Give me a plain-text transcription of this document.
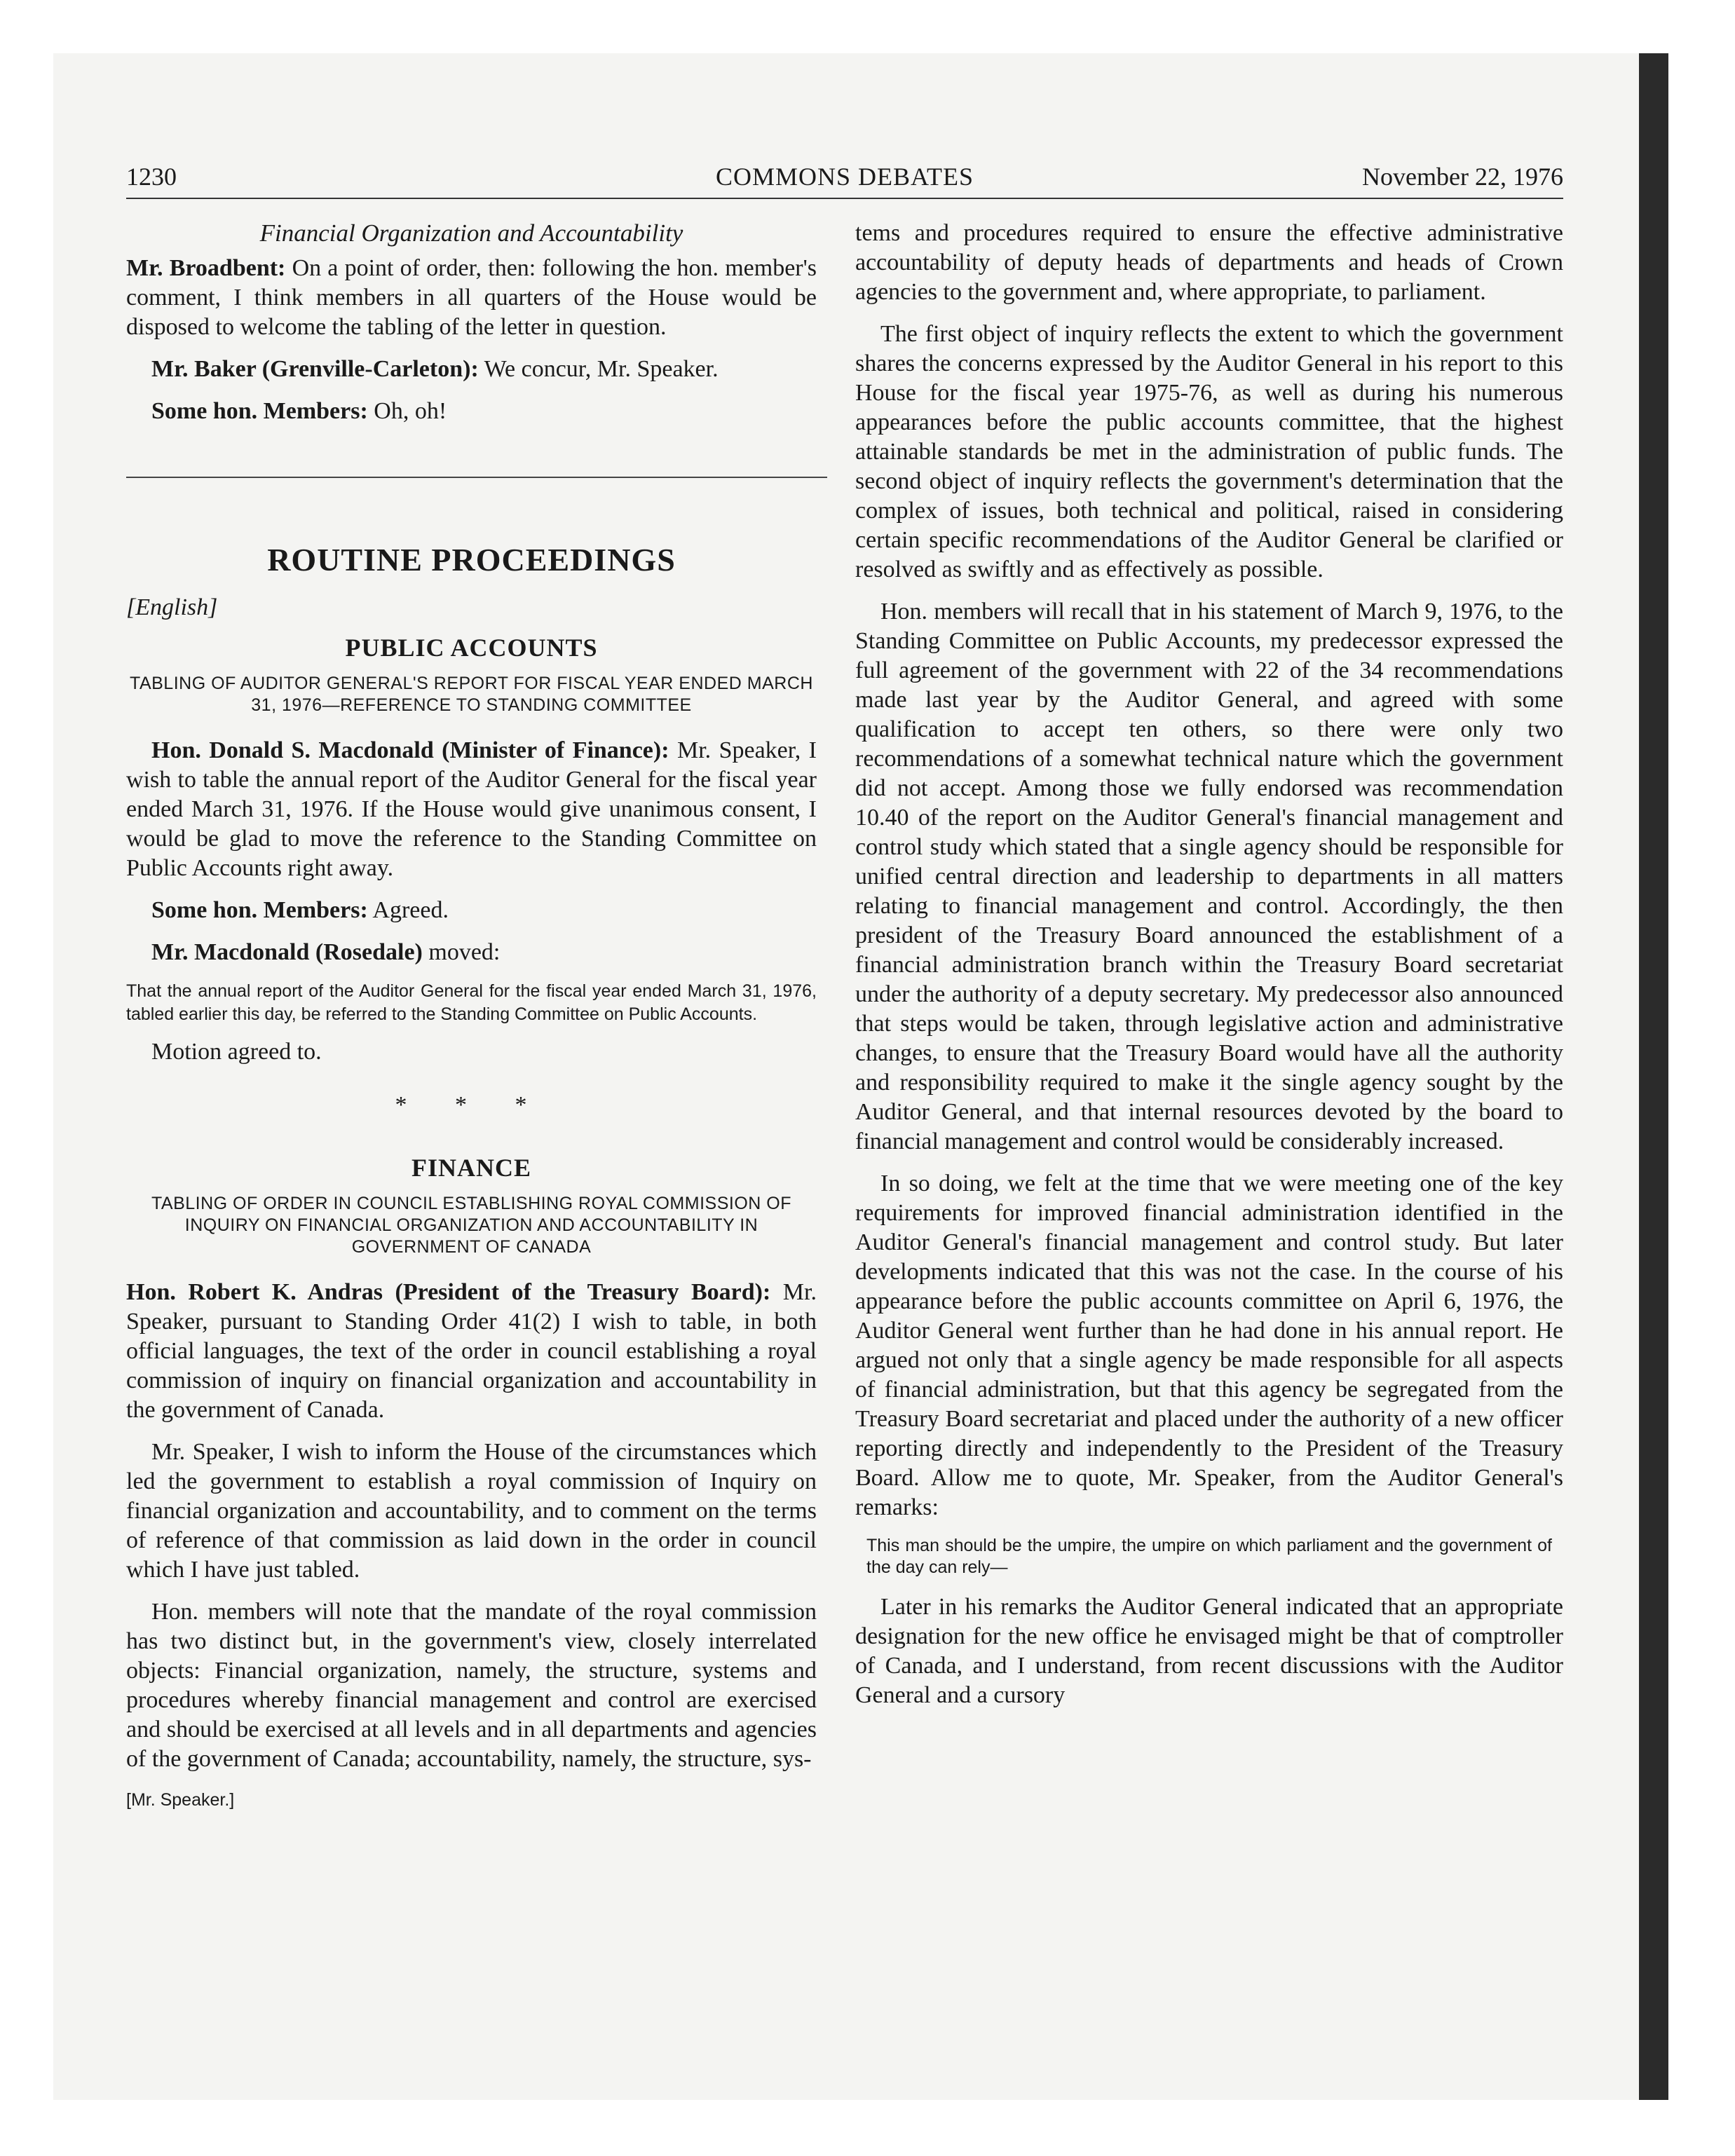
1230	COMMONS DEBATES	November 22, 1976

Financial Organization and Accountability

Mr. Broadbent: On a point of order, then: following the hon. member's comment, I think members in all quarters of the House would be disposed to welcome the tabling of the letter in question.

Mr. Baker (Grenville-Carleton): We concur, Mr. Speaker.

Some hon. Members: Oh, oh!

ROUTINE PROCEEDINGS

[English]

PUBLIC ACCOUNTS

TABLING OF AUDITOR GENERAL'S REPORT FOR FISCAL YEAR ENDED MARCH 31, 1976—REFERENCE TO STANDING COMMITTEE

Hon. Donald S. Macdonald (Minister of Finance): Mr. Speaker, I wish to table the annual report of the Auditor General for the fiscal year ended March 31, 1976. If the House would give unanimous consent, I would be glad to move the reference to the Standing Committee on Public Accounts right away.

Some hon. Members: Agreed.

Mr. Macdonald (Rosedale) moved:

That the annual report of the Auditor General for the fiscal year ended March 31, 1976, tabled earlier this day, be referred to the Standing Committee on Public Accounts.

Motion agreed to.

* * *

FINANCE

TABLING OF ORDER IN COUNCIL ESTABLISHING ROYAL COMMISSION OF INQUIRY ON FINANCIAL ORGANIZATION AND ACCOUNTABILITY IN GOVERNMENT OF CANADA

Hon. Robert K. Andras (President of the Treasury Board): Mr. Speaker, pursuant to Standing Order 41(2) I wish to table, in both official languages, the text of the order in council establishing a royal commission of inquiry on financial organization and accountability in the government of Canada.

Mr. Speaker, I wish to inform the House of the circumstances which led the government to establish a royal commission of Inquiry on financial organization and accountability, and to comment on the terms of reference of that commission as laid down in the order in council which I have just tabled.

Hon. members will note that the mandate of the royal commission has two distinct but, in the government's view, closely interrelated objects: Financial organization, namely, the structure, systems and procedures whereby financial management and control are exercised and should be exercised at all levels and in all departments and agencies of the government of Canada; accountability, namely, the structure, sys-

[Mr. Speaker.]

tems and procedures required to ensure the effective administrative accountability of deputy heads of departments and heads of Crown agencies to the government and, where appropriate, to parliament.

The first object of inquiry reflects the extent to which the government shares the concerns expressed by the Auditor General in his report to this House for the fiscal year 1975-76, as well as during his numerous appearances before the public accounts committee, that the highest attainable standards be met in the administration of public funds. The second object of inquiry reflects the government's determination that the complex of issues, both technical and political, raised in considering certain specific recommendations of the Auditor General be clarified or resolved as swiftly and as effectively as possible.

Hon. members will recall that in his statement of March 9, 1976, to the Standing Committee on Public Accounts, my predecessor expressed the full agreement of the government with 22 of the 34 recommendations made last year by the Auditor General, and agreed with some qualification to accept ten others, so there were only two recommendations of a somewhat technical nature which the government did not accept. Among those we fully endorsed was recommendation 10.40 of the report on the Auditor General's financial management and control study which stated that a single agency should be responsible for unified central direction and leadership to departments in all matters relating to financial management and control. Accordingly, the then president of the Treasury Board announced the establishment of a financial administration branch within the Treasury Board secretariat under the authority of a deputy secretary. My predecessor also announced that steps would be taken, through legislative action and administrative changes, to ensure that the Treasury Board would have all the authority and responsibility required to make it the single agency sought by the Auditor General, and that internal resources devoted by the board to financial management and control would be considerably increased.

In so doing, we felt at the time that we were meeting one of the key requirements for improved financial administration identified in the Auditor General's financial management and control study. But later developments indicated that this was not the case. In the course of his appearance before the public accounts committee on April 6, 1976, the Auditor General went further than he had done in his annual report. He argued not only that a single agency be made responsible for all aspects of financial administration, but that this agency be segregated from the Treasury Board secretariat and placed under the authority of a new officer reporting directly and independently to the President of the Treasury Board. Allow me to quote, Mr. Speaker, from the Auditor General's remarks:

This man should be the umpire, the umpire on which parliament and the government of the day can rely—

Later in his remarks the Auditor General indicated that an appropriate designation for the new office he envisaged might be that of comptroller of Canada, and I understand, from recent discussions with the Auditor General and a cursory
